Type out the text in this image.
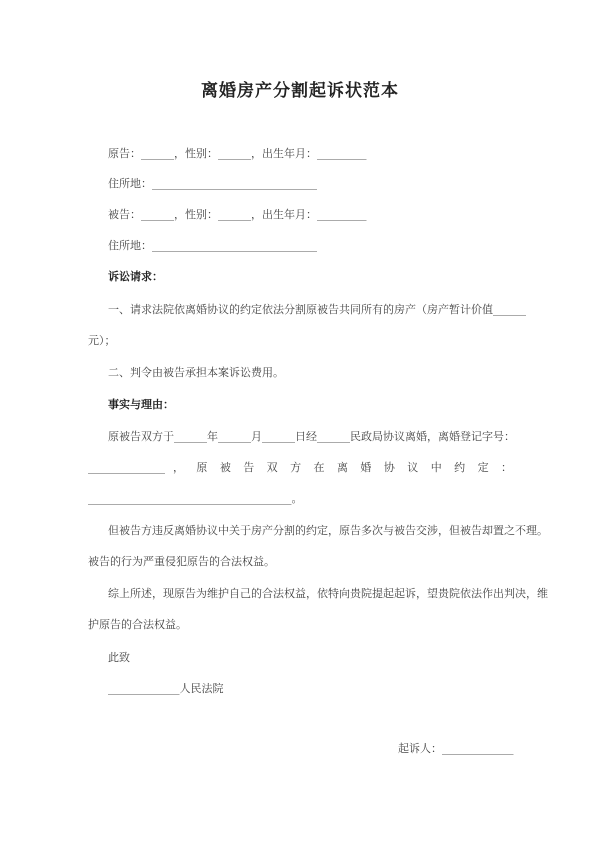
离婚房产分割起诉状范本
原告：______，性别：______，出生年月：_________
住所地：______________________________
被告：______，性别：______，出生年月：_________
住所地：______________________________
诉讼请求：
一、请求法院依离婚协议的约定依法分割原被告共同所有的房产（房产暂计价值______
元）；
二、判令由被告承担本案诉讼费用。
事实与理由：
原被告双方于______年______月______日经______民政局协议离婚，离婚登记字号：
______________ ， 原 被 告 双 方 在 离 婚 协 议 中 约 定 ：
_____________________________________。
但被告方违反离婚协议中关于房产分割的约定，原告多次与被告交涉，但被告却置之不理。
被告的行为严重侵犯原告的合法权益。
综上所述，现原告为维护自己的合法权益，依特向贵院提起起诉，望贵院依法作出判决，维
护原告的合法权益。
此致
_____________人民法院
起诉人：_____________
